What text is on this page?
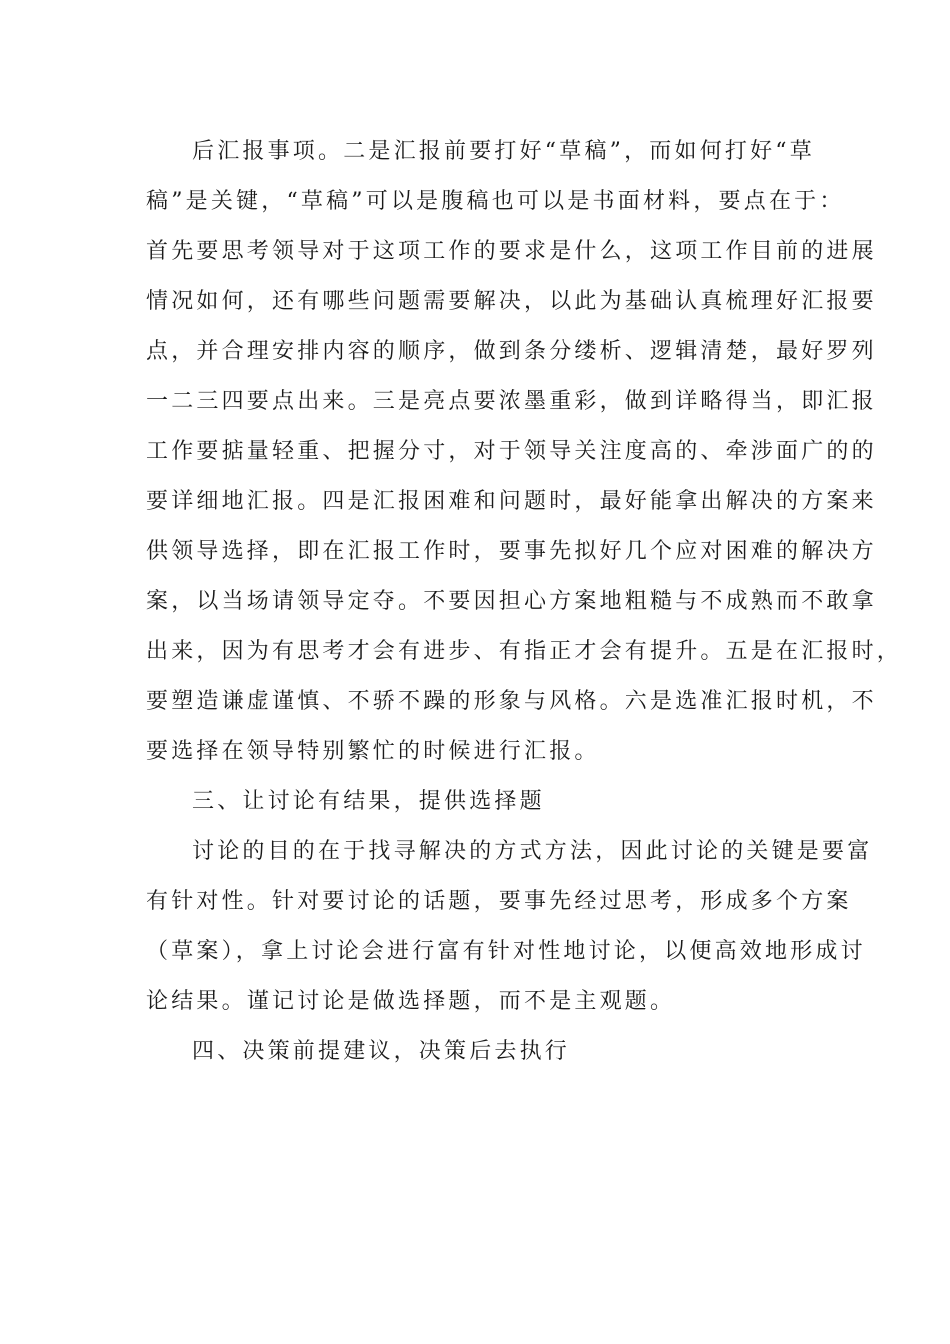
后汇报事项。二是汇报前要打好“草稿”，而如何打好“草
稿”是关键，“草稿”可以是腹稿也可以是书面材料，要点在于：
首先要思考领导对于这项工作的要求是什么，这项工作目前的进展
情况如何，还有哪些问题需要解决，以此为基础认真梳理好汇报要
点，并合理安排内容的顺序，做到条分缕析、逻辑清楚，最好罗列
一二三四要点出来。三是亮点要浓墨重彩，做到详略得当，即汇报
工作要掂量轻重、把握分寸，对于领导关注度高的、牵涉面广的的
要详细地汇报。四是汇报困难和问题时，最好能拿出解决的方案来
供领导选择，即在汇报工作时，要事先拟好几个应对困难的解决方
案，以当场请领导定夺。不要因担心方案地粗糙与不成熟而不敢拿
出来，因为有思考才会有进步、有指正才会有提升。五是在汇报时，
要塑造谦虚谨慎、不骄不躁的形象与风格。六是选准汇报时机，不
要选择在领导特别繁忙的时候进行汇报。
三、让讨论有结果，提供选择题
讨论的目的在于找寻解决的方式方法，因此讨论的关键是要富
有针对性。针对要讨论的话题，要事先经过思考，形成多个方案
（草案），拿上讨论会进行富有针对性地讨论，以便高效地形成讨
论结果。谨记讨论是做选择题，而不是主观题。
四、决策前提建议，决策后去执行
